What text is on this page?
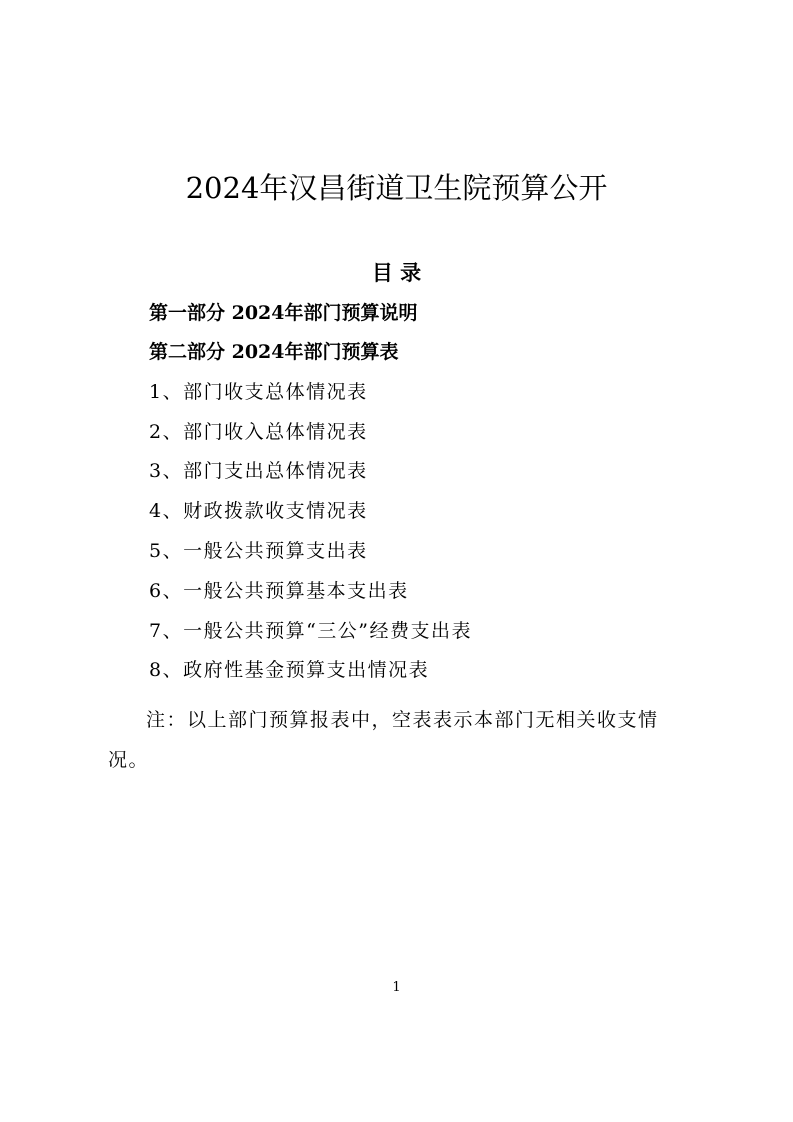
2024年汉昌街道卫生院预算公开
目 录
第一部分 2024年部门预算说明
第二部分 2024年部门预算表
1、部门收支总体情况表
2、部门收入总体情况表
3、部门支出总体情况表
4、财政拨款收支情况表
5、一般公共预算支出表
6、一般公共预算基本支出表
7、一般公共预算“三公”经费支出表
8、政府性基金预算支出情况表
注：以上部门预算报表中，空表表示本部门无相关收支情况。
1
